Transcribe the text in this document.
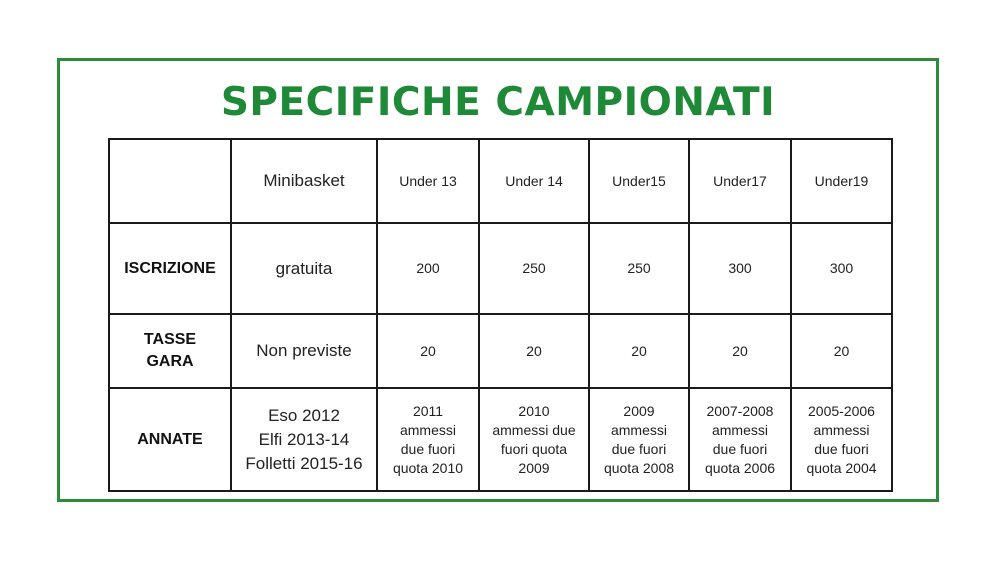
SPECIFICHE CAMPIONATI
	Minibasket	Under 13	Under 14	Under15	Under17	Under19
ISCRIZIONE	gratuita	200	250	250	300	300

TASSE
GARA	Non previste	20	20	20	20	20
ANNATE	Eso 2012
Elfi 2013-14
Folletti 2015-16	2011
ammessi
due fuori
quota 2010	2010
ammessi due
fuori quota
2009	2009
ammessi
due fuori
quota 2008	2007-2008
ammessi
due fuori
quota 2006	2005-2006
ammessi
due fuori
quota 2004
